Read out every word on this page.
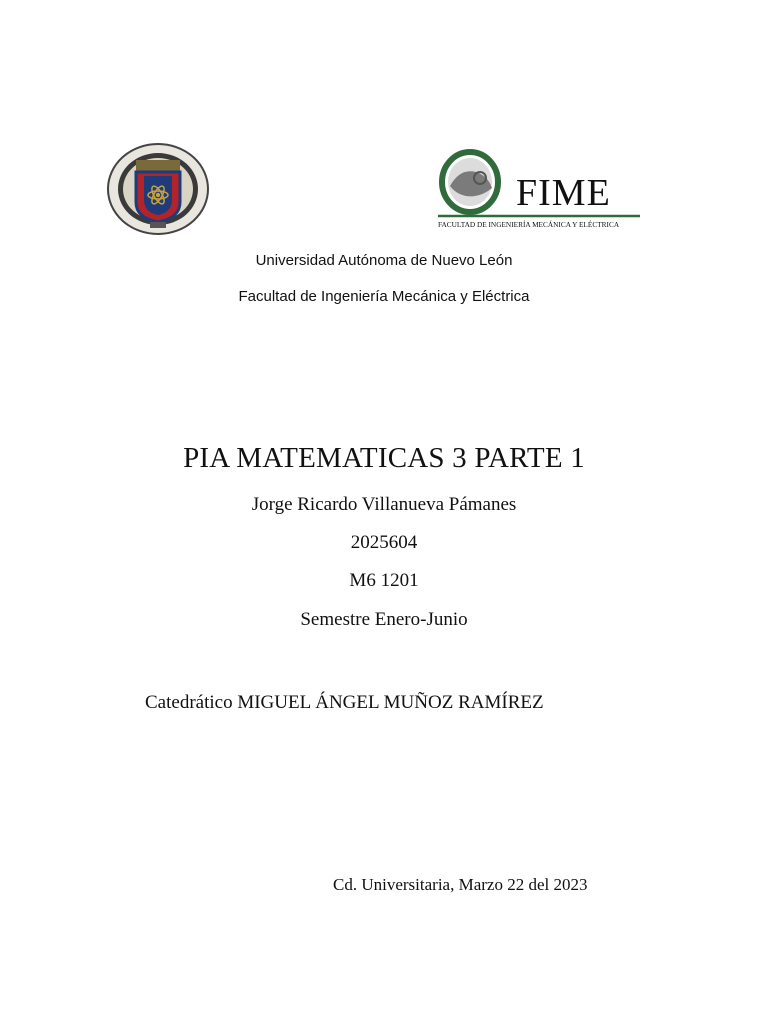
FIME
FACULTAD DE INGENIERÍA MECÁNICA Y ELÉCTRICA
Universidad Autónoma de Nuevo León
Facultad de Ingeniería Mecánica y Eléctrica
PIA MATEMATICAS 3 PARTE 1
Jorge Ricardo Villanueva Pámanes
2025604
M6 1201
Semestre Enero-Junio
Catedrático MIGUEL ÁNGEL MUÑOZ RAMÍREZ
Cd. Universitaria, Marzo 22 del 2023
